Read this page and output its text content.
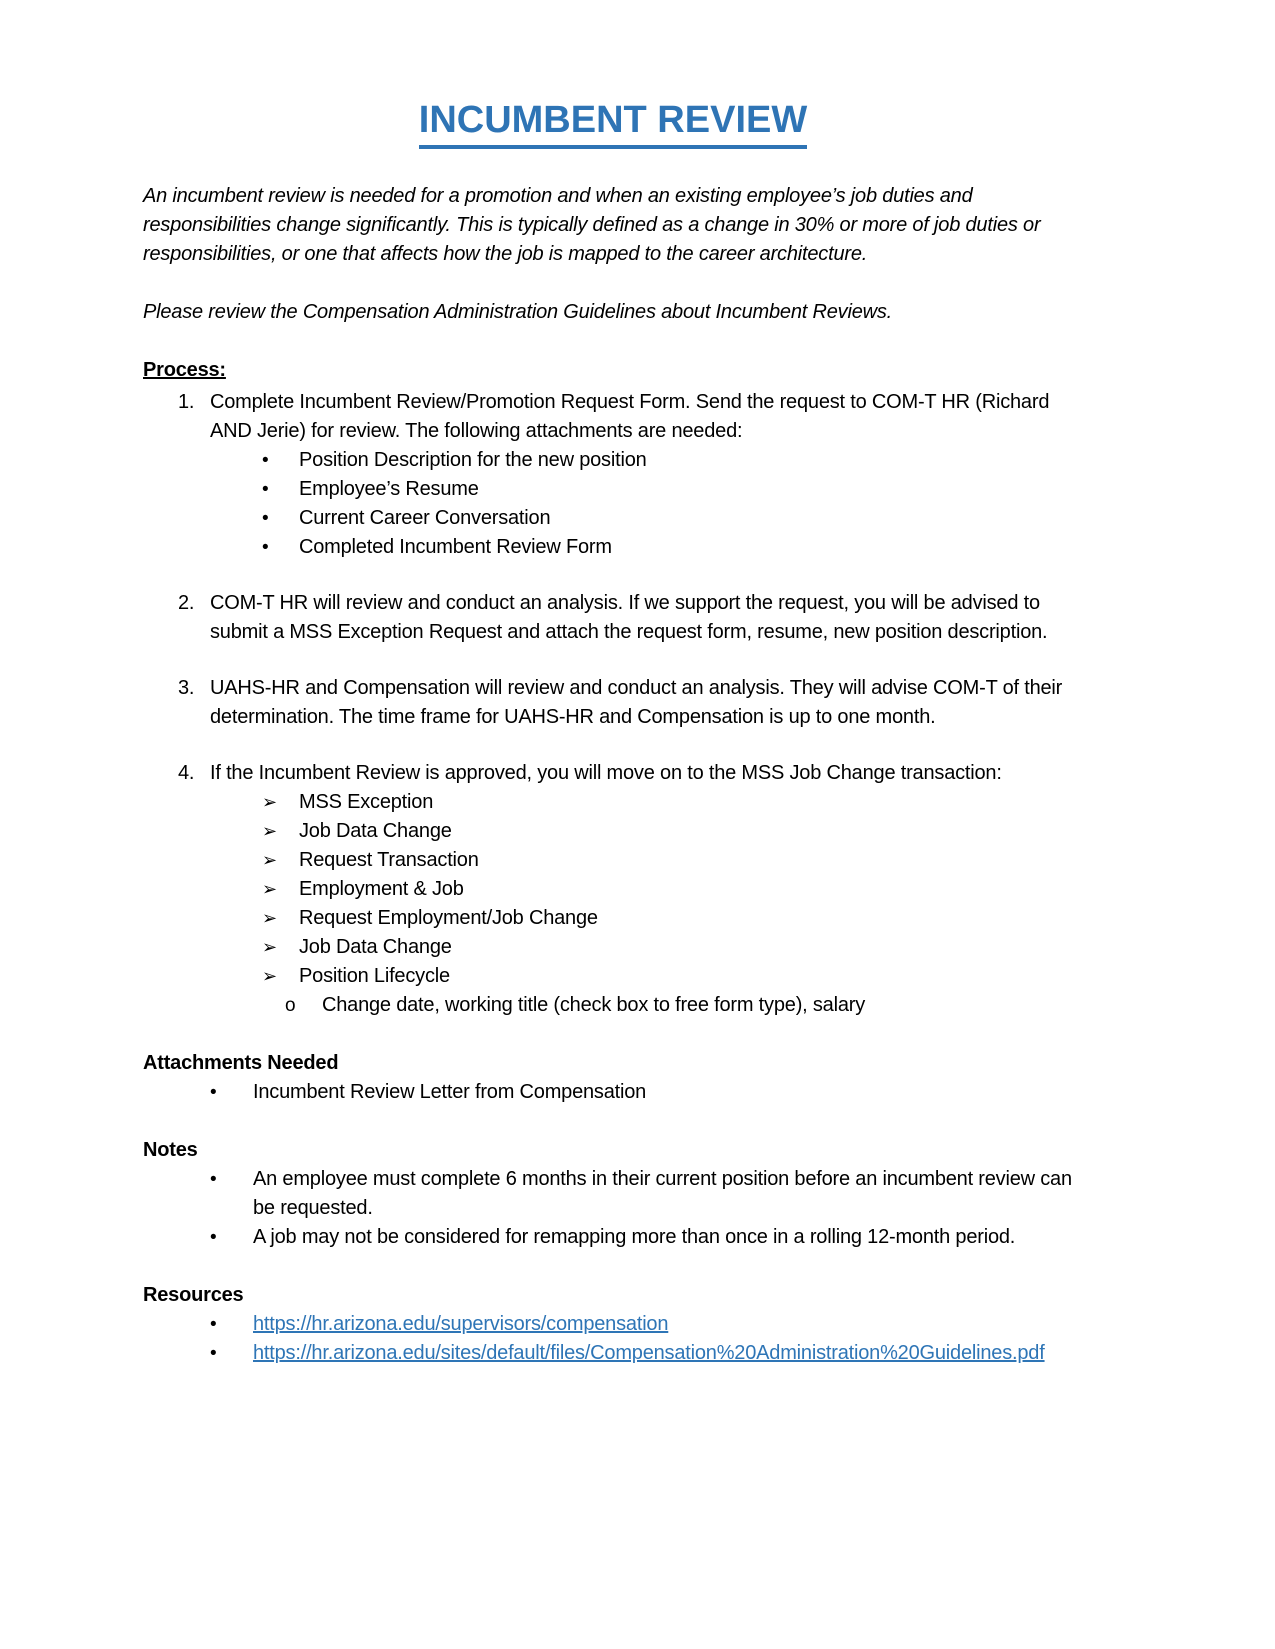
INCUMBENT REVIEW

An incumbent review is needed for a promotion and when an existing employee’s job duties and responsibilities change significantly. This is typically defined as a change in 30% or more of job duties or responsibilities, or one that affects how the job is mapped to the career architecture.

Please review the Compensation Administration Guidelines about Incumbent Reviews.

Process:

1. Complete Incumbent Review/Promotion Request Form. Send the request to COM-T HR (Richard AND Jerie) for review. The following attachments are needed:
•	Position Description for the new position
•	Employee’s Resume
•	Current Career Conversation
•	Completed Incumbent Review Form
2. COM-T HR will review and conduct an analysis. If we support the request, you will be advised to submit a MSS Exception Request and attach the request form, resume, new position description.
3. UAHS-HR and Compensation will review and conduct an analysis. They will advise COM-T of their determination. The time frame for UAHS-HR and Compensation is up to one month.
4. If the Incumbent Review is approved, you will move on to the MSS Job Change transaction:
➢	MSS Exception
➢	Job Data Change
➢	Request Transaction
➢	Employment & Job
➢	Request Employment/Job Change
➢	Job Data Change
➢	Position Lifecycle
o	Change date, working title (check box to free form type), salary

Attachments Needed

•	Incumbent Review Letter from Compensation

Notes

•	An employee must complete 6 months in their current position before an incumbent review can be requested.
•	A job may not be considered for remapping more than once in a rolling 12-month period.

Resources

•	https://hr.arizona.edu/supervisors/compensation
•	https://hr.arizona.edu/sites/default/files/Compensation%20Administration%20Guidelines.pdf
